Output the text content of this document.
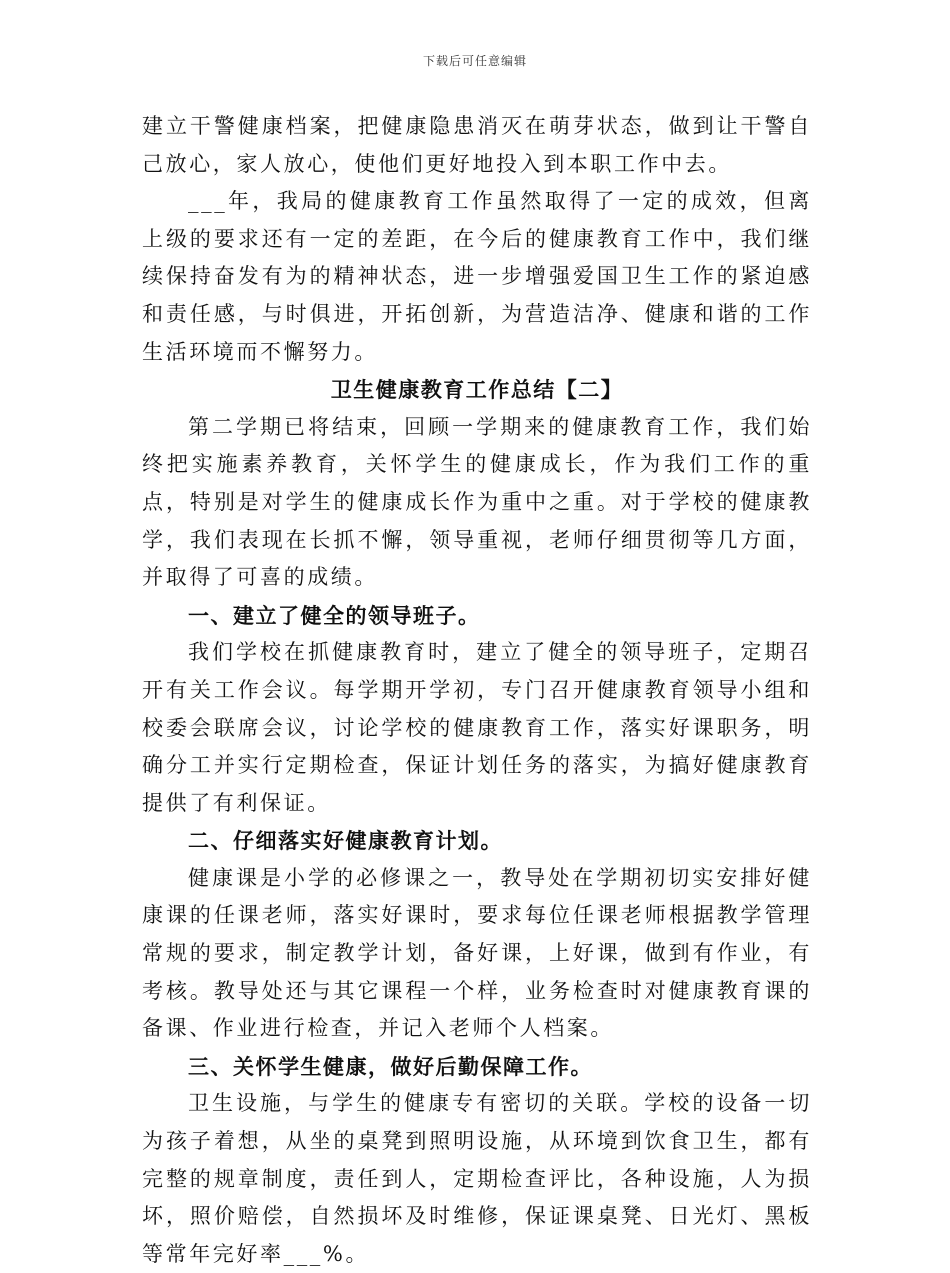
下载后可任意编辑

建立干警健康档案，把健康隐患消灭在萌芽状态，做到让干警自己放心，家人放心，使他们更好地投入到本职工作中去。

___年，我局的健康教育工作虽然取得了一定的成效，但离上级的要求还有一定的差距，在今后的健康教育工作中，我们继续保持奋发有为的精神状态，进一步增强爱国卫生工作的紧迫感和责任感，与时俱进，开拓创新，为营造洁净、健康和谐的工作生活环境而不懈努力。

卫生健康教育工作总结【二】

第二学期已将结束，回顾一学期来的健康教育工作，我们始终把实施素养教育，关怀学生的健康成长，作为我们工作的重点，特别是对学生的健康成长作为重中之重。对于学校的健康教学，我们表现在长抓不懈，领导重视，老师仔细贯彻等几方面，并取得了可喜的成绩。

一、建立了健全的领导班子。

我们学校在抓健康教育时，建立了健全的领导班子，定期召开有关工作会议。每学期开学初，专门召开健康教育领导小组和校委会联席会议，讨论学校的健康教育工作，落实好课职务，明确分工并实行定期检查，保证计划任务的落实，为搞好健康教育提供了有利保证。

二、仔细落实好健康教育计划。

健康课是小学的必修课之一，教导处在学期初切实安排好健康课的任课老师，落实好课时，要求每位任课老师根据教学管理常规的要求，制定教学计划，备好课，上好课，做到有作业，有考核。教导处还与其它课程一个样，业务检查时对健康教育课的备课、作业进行检查，并记入老师个人档案。

三、关怀学生健康，做好后勤保障工作。

卫生设施，与学生的健康专有密切的关联。学校的设备一切为孩子着想，从坐的桌凳到照明设施，从环境到饮食卫生，都有完整的规章制度，责任到人，定期检查评比，各种设施，人为损坏，照价赔偿，自然损坏及时维修，保证课桌凳、日光灯、黑板等常年完好率___%。
